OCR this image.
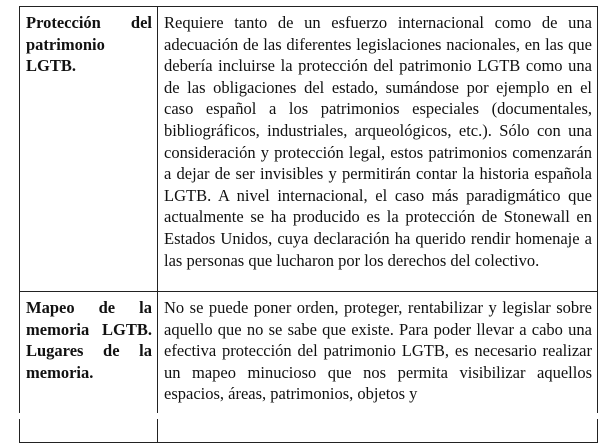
Protección del patrimonio LGTB.	Requiere tanto de un esfuerzo internacional como de una adecuación de las diferentes legislaciones nacionales, en las que debería incluirse la protección del patrimonio LGTB como una de las obligaciones del estado, sumándose por ejemplo en el caso español a los patrimonios especiales (documentales, bibliográficos, industriales, arqueológicos, etc.). Sólo con una consideración y protección legal, estos patrimonios comenzarán a dejar de ser invisibles y permitirán contar la historia española LGTB. A nivel internacional, el caso más paradigmático que actualmente se ha producido es la protección de Stonewall en Estados Unidos, cuya declaración ha querido rendir homenaje a las personas que lucharon por los derechos del colectivo.
Mapeo de la memoria LGTB. Lugares de la memoria.	No se puede poner orden, proteger, rentabilizar y legislar sobre aquello que no se sabe que existe. Para poder llevar a cabo una efectiva protección del patrimonio LGTB, es necesario realizar un mapeo minucioso que nos permita visibilizar aquellos espacios, áreas, patrimonios, objetos y
